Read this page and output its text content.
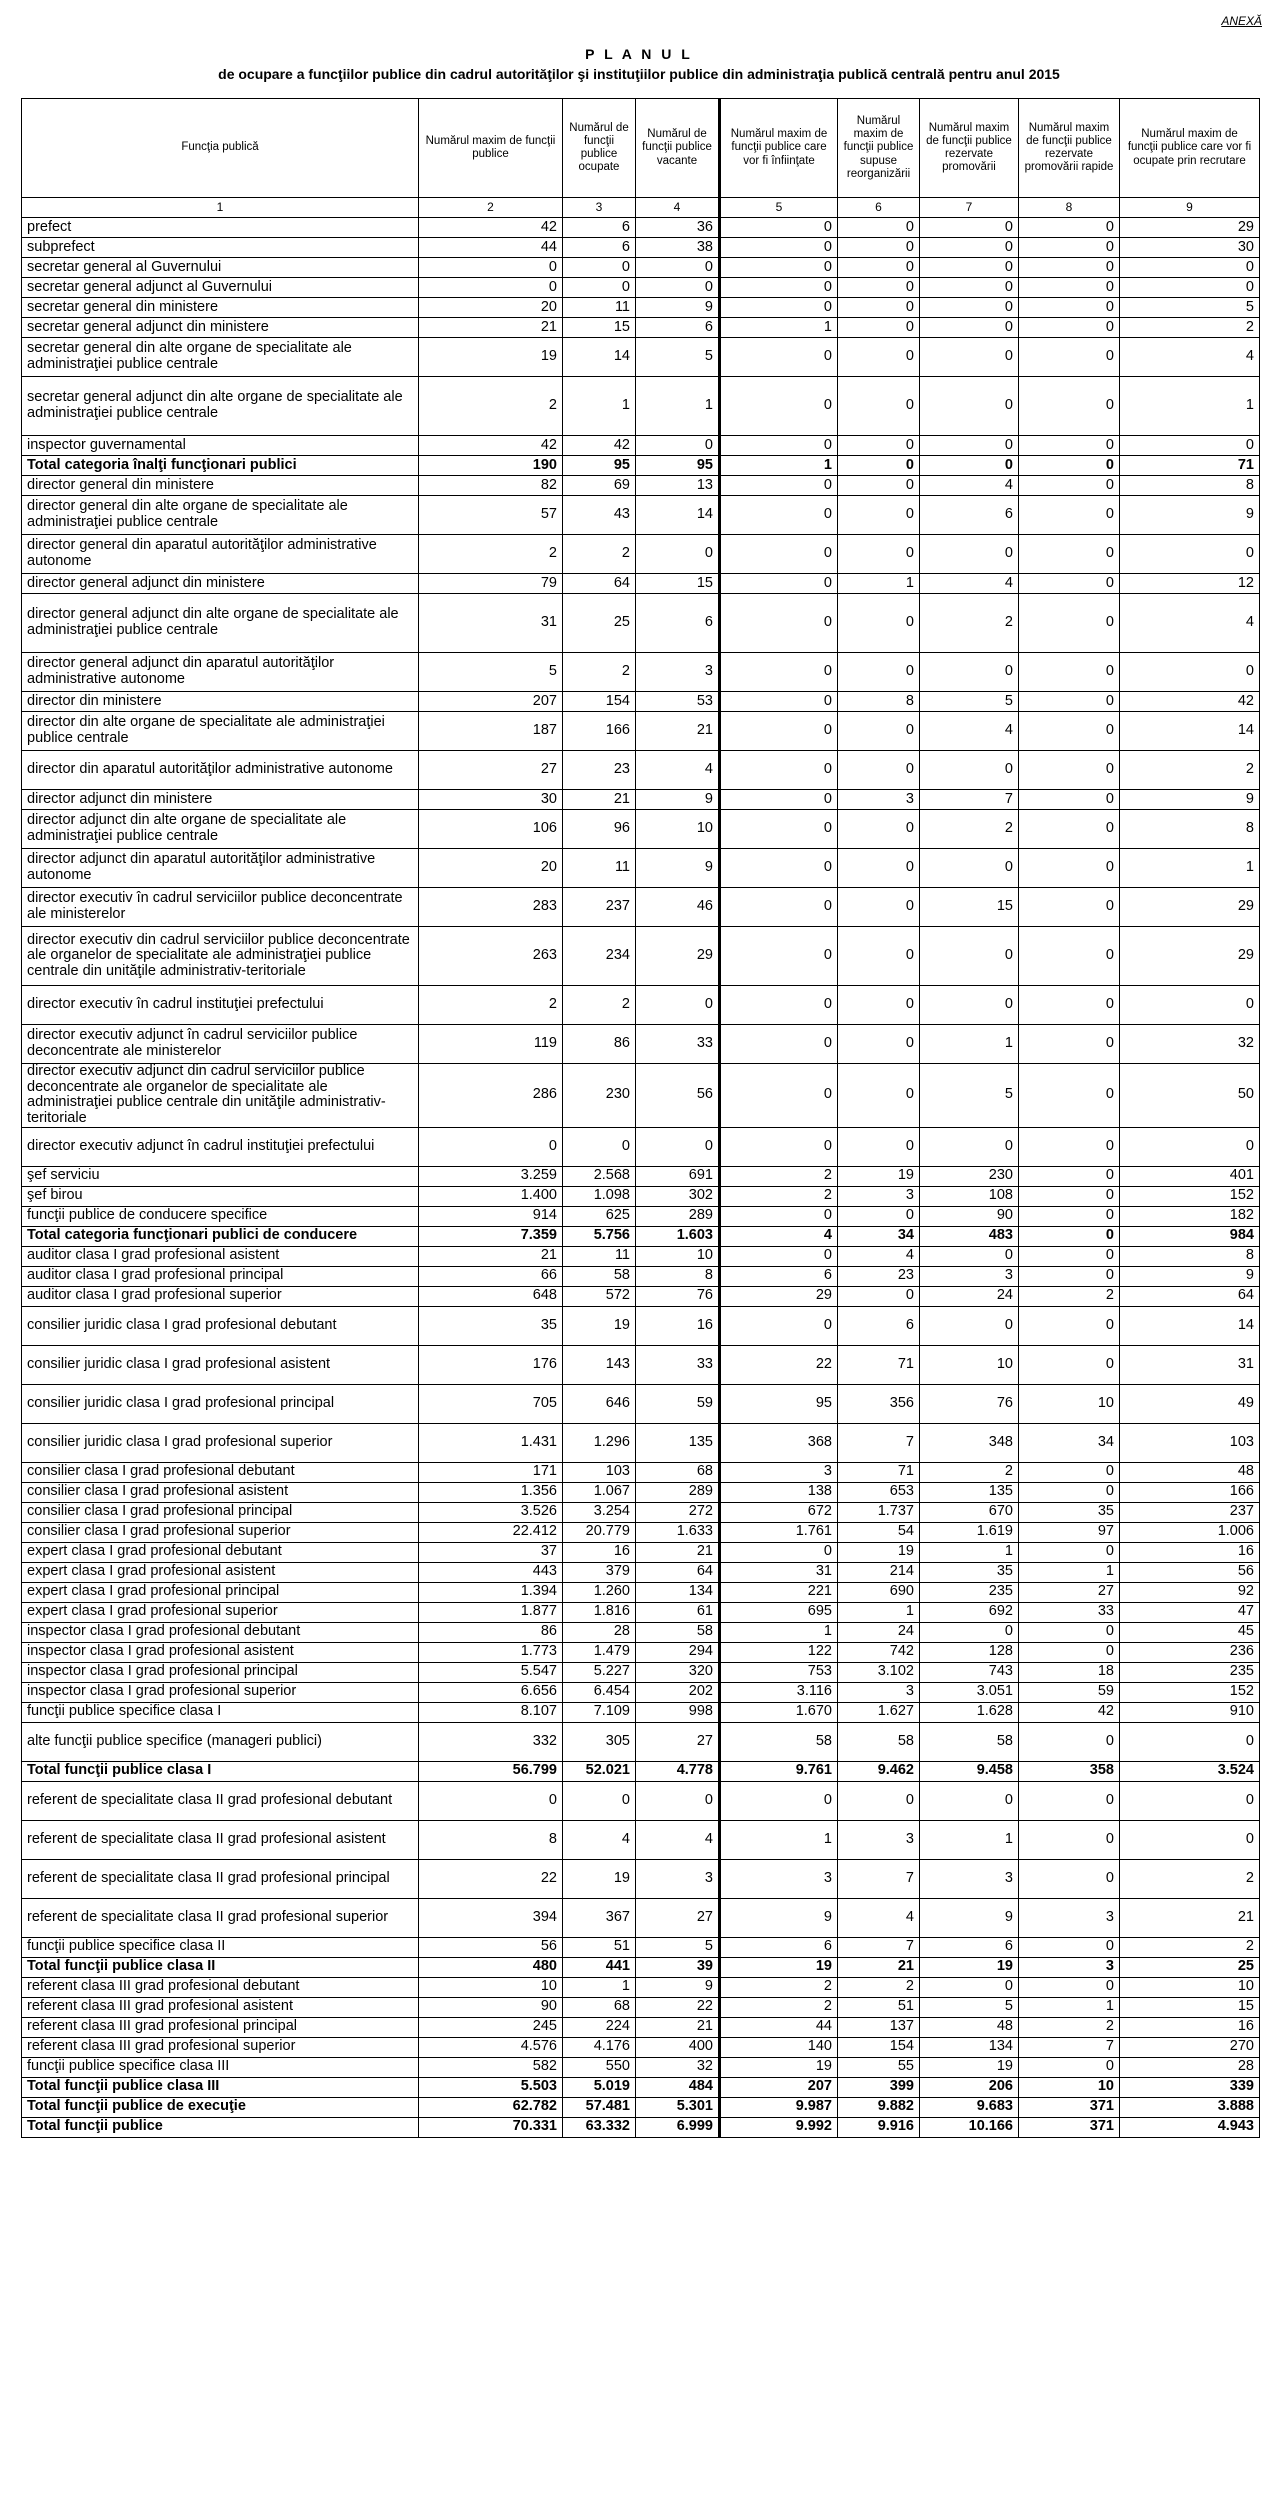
ANEXĂ
P L A N U L
de ocupare a funcţiilor publice din cadrul autorităţilor şi instituţiilor publice din administraţia publică centrală pentru anul 2015
Funcţia publică	Numărul maxim de funcţii publice	Numărul de funcţii publice ocupate	Numărul de funcţii publice vacante	Numărul maxim de funcţii publice care vor fi înfiinţate	Numărul maxim de funcţii publice supuse reorganizării	Numărul maxim de funcţii publice rezervate promovării	Numărul maxim de funcţii publice rezervate promovării rapide	Numărul maxim de funcţii publice care vor fi ocupate prin recrutare
1	2	3	4	5	6	7	8	9
prefect	42	6	36	0	0	0	0	29
subprefect	44	6	38	0	0	0	0	30
secretar general al Guvernului	0	0	0	0	0	0	0	0
secretar general adjunct al Guvernului	0	0	0	0	0	0	0	0
secretar general din ministere	20	11	9	0	0	0	0	5
secretar general adjunct din ministere	21	15	6	1	0	0	0	2
secretar general din alte organe de specialitate ale administraţiei publice centrale	19	14	5	0	0	0	0	4
secretar general adjunct din alte organe de specialitate ale administraţiei publice centrale	2	1	1	0	0	0	0	1
inspector guvernamental	42	42	0	0	0	0	0	0
Total categoria înalţi funcţionari publici	190	95	95	1	0	0	0	71
director general din ministere	82	69	13	0	0	4	0	8
director general din alte organe de specialitate ale administraţiei publice centrale	57	43	14	0	0	6	0	9
director general din aparatul autorităţilor administrative autonome	2	2	0	0	0	0	0	0
director general adjunct din ministere	79	64	15	0	1	4	0	12
director general adjunct din alte organe de specialitate ale administraţiei publice centrale	31	25	6	0	0	2	0	4
director general adjunct din aparatul autorităţilor administrative autonome	5	2	3	0	0	0	0	0
director din ministere	207	154	53	0	8	5	0	42
director din alte organe de specialitate ale administraţiei publice centrale	187	166	21	0	0	4	0	14
director din aparatul autorităţilor administrative autonome	27	23	4	0	0	0	0	2
director adjunct din ministere	30	21	9	0	3	7	0	9
director adjunct din alte organe de specialitate ale administraţiei publice centrale	106	96	10	0	0	2	0	8
director adjunct din aparatul autorităţilor administrative autonome	20	11	9	0	0	0	0	1
director executiv în cadrul serviciilor publice deconcentrate ale ministerelor	283	237	46	0	0	15	0	29
director executiv din cadrul serviciilor publice deconcentrate ale organelor de specialitate ale administraţiei publice centrale din unităţile administrativ-teritoriale	263	234	29	0	0	0	0	29
director executiv în cadrul instituţiei prefectului	2	2	0	0	0	0	0	0
director executiv adjunct în cadrul serviciilor publice deconcentrate ale ministerelor	119	86	33	0	0	1	0	32
director executiv adjunct din cadrul serviciilor publice deconcentrate ale organelor de specialitate ale administraţiei publice centrale din unităţile administrativ-teritoriale	286	230	56	0	0	5	0	50
director executiv adjunct în cadrul instituţiei prefectului	0	0	0	0	0	0	0	0
şef serviciu	3.259	2.568	691	2	19	230	0	401
şef birou	1.400	1.098	302	2	3	108	0	152
funcţii publice de conducere specifice	914	625	289	0	0	90	0	182
Total categoria funcţionari publici de conducere	7.359	5.756	1.603	4	34	483	0	984
auditor clasa I grad profesional asistent	21	11	10	0	4	0	0	8
auditor clasa I grad profesional principal	66	58	8	6	23	3	0	9
auditor clasa I grad profesional superior	648	572	76	29	0	24	2	64
consilier juridic clasa I grad profesional debutant	35	19	16	0	6	0	0	14
consilier juridic clasa I grad profesional asistent	176	143	33	22	71	10	0	31
consilier juridic clasa I grad profesional principal	705	646	59	95	356	76	10	49
consilier juridic clasa I grad profesional superior	1.431	1.296	135	368	7	348	34	103
consilier clasa I grad profesional debutant	171	103	68	3	71	2	0	48
consilier clasa I grad profesional asistent	1.356	1.067	289	138	653	135	0	166
consilier clasa I grad profesional principal	3.526	3.254	272	672	1.737	670	35	237
consilier clasa I grad profesional superior	22.412	20.779	1.633	1.761	54	1.619	97	1.006
expert clasa I grad profesional debutant	37	16	21	0	19	1	0	16
expert clasa I grad profesional asistent	443	379	64	31	214	35	1	56
expert clasa I grad profesional principal	1.394	1.260	134	221	690	235	27	92
expert clasa I grad profesional superior	1.877	1.816	61	695	1	692	33	47
inspector clasa I grad profesional debutant	86	28	58	1	24	0	0	45
inspector clasa I grad profesional asistent	1.773	1.479	294	122	742	128	0	236
inspector clasa I grad profesional principal	5.547	5.227	320	753	3.102	743	18	235
inspector clasa I grad profesional superior	6.656	6.454	202	3.116	3	3.051	59	152
funcţii publice specifice clasa I	8.107	7.109	998	1.670	1.627	1.628	42	910
alte funcţii publice specifice (manageri publici)	332	305	27	58	58	58	0	0
Total funcţii publice clasa I	56.799	52.021	4.778	9.761	9.462	9.458	358	3.524
referent de specialitate clasa II grad profesional debutant	0	0	0	0	0	0	0	0
referent de specialitate clasa II grad profesional asistent	8	4	4	1	3	1	0	0
referent de specialitate clasa II grad profesional principal	22	19	3	3	7	3	0	2
referent de specialitate clasa II grad profesional superior	394	367	27	9	4	9	3	21
funcţii publice specifice clasa II	56	51	5	6	7	6	0	2
Total funcţii publice clasa II	480	441	39	19	21	19	3	25
referent clasa III grad profesional debutant	10	1	9	2	2	0	0	10
referent clasa III grad profesional asistent	90	68	22	2	51	5	1	15
referent clasa III grad profesional principal	245	224	21	44	137	48	2	16
referent clasa III grad profesional superior	4.576	4.176	400	140	154	134	7	270
funcţii publice specifice clasa III	582	550	32	19	55	19	0	28
Total funcţii publice clasa III	5.503	5.019	484	207	399	206	10	339
Total funcţii publice de execuţie	62.782	57.481	5.301	9.987	9.882	9.683	371	3.888
Total funcţii publice	70.331	63.332	6.999	9.992	9.916	10.166	371	4.943
